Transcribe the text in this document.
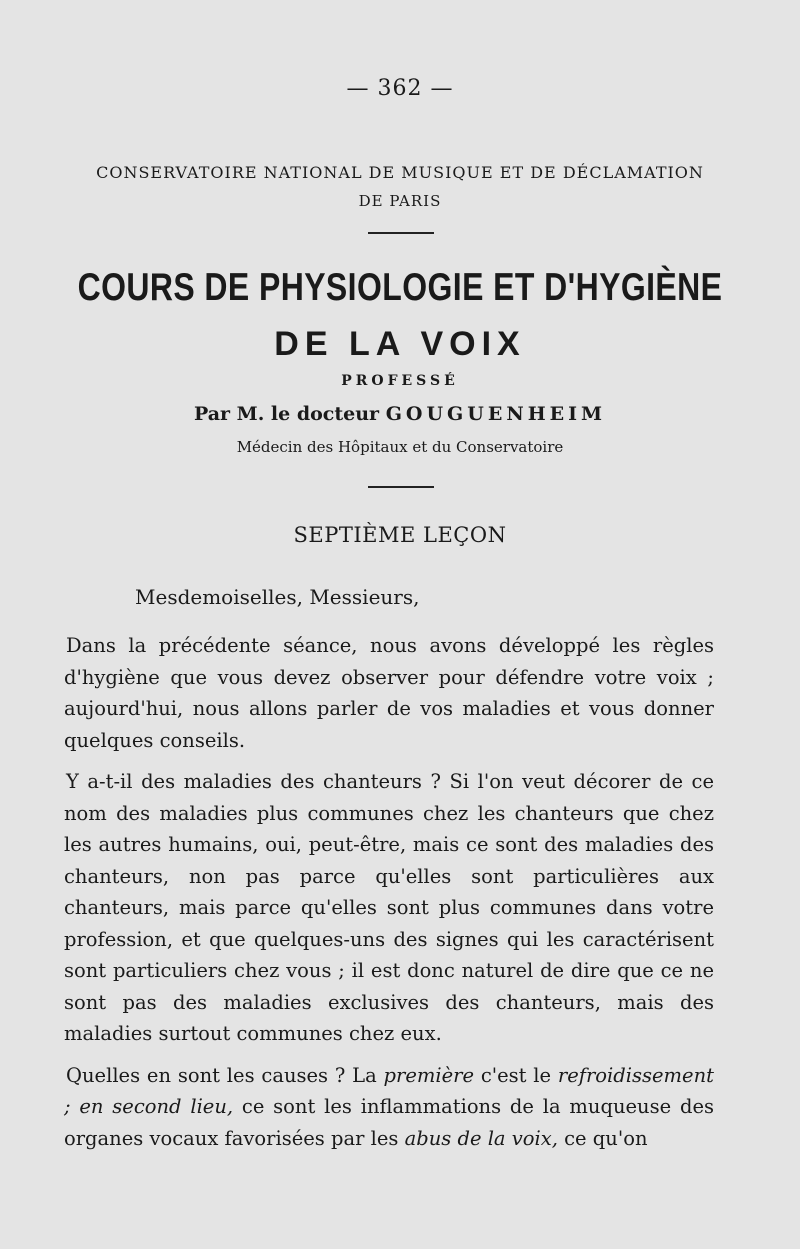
— 362 —
CONSERVATOIRE NATIONAL DE MUSIQUE ET DE DÉCLAMATION
DE PARIS
COURS DE PHYSIOLOGIE ET D'HYGIÈNE
DE LA VOIX
PROFESSÉ
Par M. le docteur GOUGUENHEIM
Médecin des Hôpitaux et du Conservatoire
SEPTIÈME LEÇON
Mesdemoiselles, Messieurs,

Dans la précédente séance, nous avons développé les règles d'hygiène que vous devez observer pour défendre votre voix ; aujourd'hui, nous allons parler de vos maladies et vous donner quelques conseils.

Y a-t-il des maladies des chanteurs ? Si l'on veut décorer de ce nom des maladies plus communes chez les chanteurs que chez les autres humains, oui, peut-être, mais ce sont des maladies des chanteurs, non pas parce qu'elles sont particulières aux chanteurs, mais parce qu'elles sont plus communes dans votre profession, et que quelques-uns des signes qui les caractérisent sont particuliers chez vous ; il est donc naturel de dire que ce ne sont pas des maladies exclusives des chanteurs, mais des maladies surtout communes chez eux.

Quelles en sont les causes ? La première c'est le refroidissement ; en second lieu, ce sont les inflammations de la muqueuse des organes vocaux favorisées par les abus de la voix, ce qu'on
